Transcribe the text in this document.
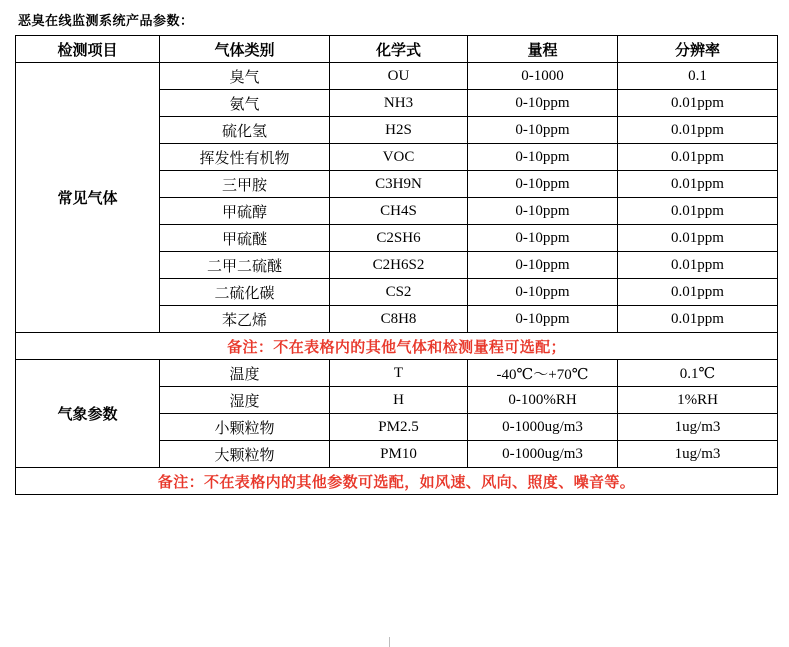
恶臭在线监测系统产品参数：
检测项目	气体类别	化学式	量程	分辨率
常见气体	臭气	OU	0-1000	0.1
	氨气	NH3	0-10ppm	0.01ppm
	硫化氢	H2S	0-10ppm	0.01ppm
	挥发性有机物	VOC	0-10ppm	0.01ppm
	三甲胺	C3H9N	0-10ppm	0.01ppm
	甲硫醇	CH4S	0-10ppm	0.01ppm
	甲硫醚	C2SH6	0-10ppm	0.01ppm
	二甲二硫醚	C2H6S2	0-10ppm	0.01ppm
	二硫化碳	CS2	0-10ppm	0.01ppm
	苯乙烯	C8H8	0-10ppm	0.01ppm
备注：不在表格内的其他气体和检测量程可选配；				
气象参数	温度	T	-40℃～+70℃	0.1℃
	湿度	H	0-100%RH	1%RH
	小颗粒物	PM2.5	0-1000ug/m3	1ug/m3
	大颗粒物	PM10	0-1000ug/m3	1ug/m3
备注：不在表格内的其他参数可选配，如风速、风向、照度、噪音等。				
